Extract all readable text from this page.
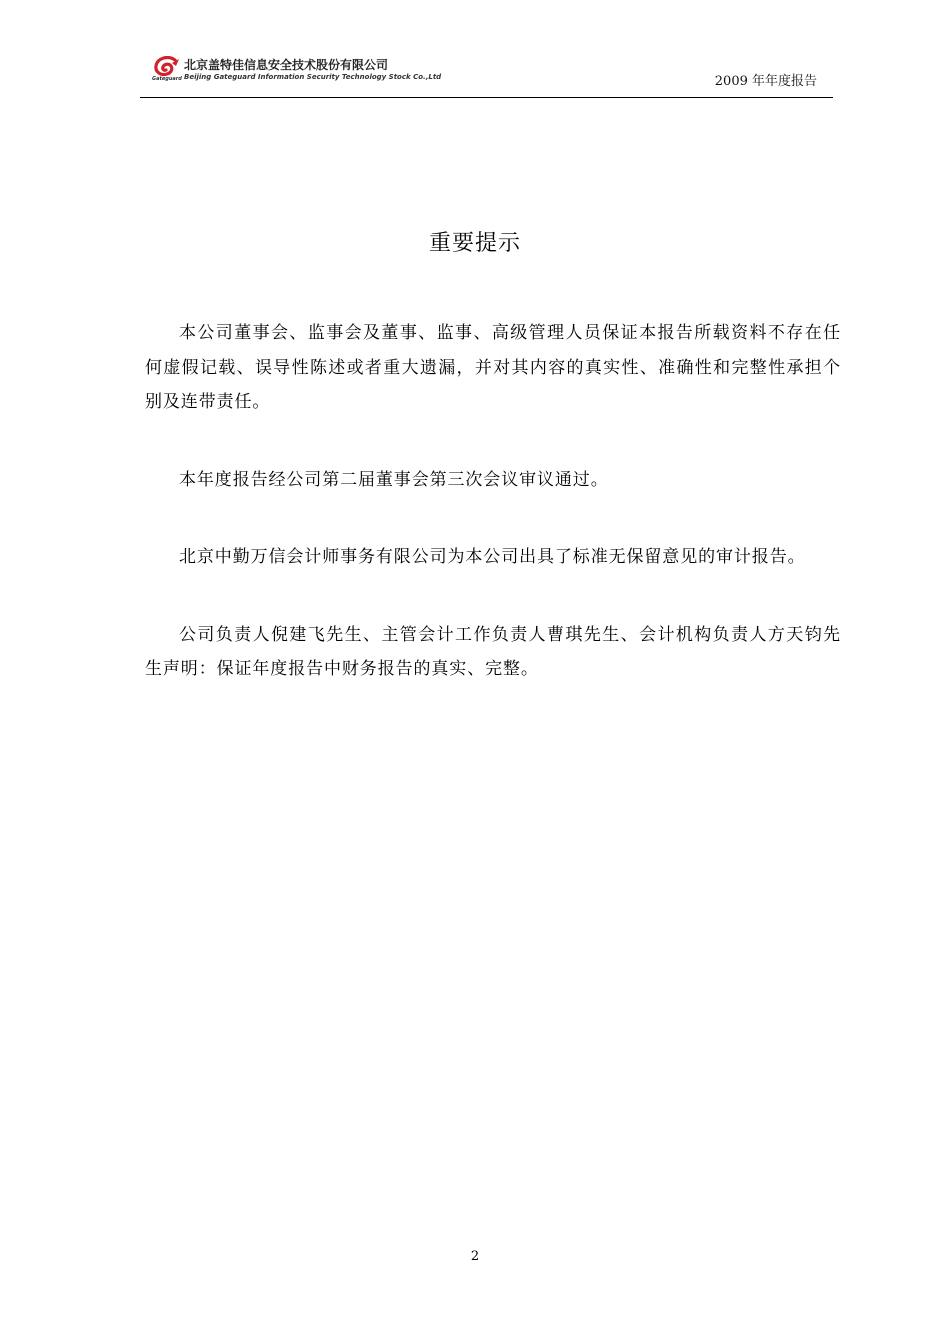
Gateguard
北京盖特佳信息安全技术股份有限公司
Beijing Gateguard Information Security Technology Stock Co.,Ltd	2009 年年度报告
重要提示

本公司董事会、监事会及董事、监事、高级管理人员保证本报告所载资料不存在任何虚假记载、误导性陈述或者重大遗漏，并对其内容的真实性、准确性和完整性承担个别及连带责任。

本年度报告经公司第二届董事会第三次会议审议通过。

北京中勤万信会计师事务有限公司为本公司出具了标准无保留意见的审计报告。

公司负责人倪建飞先生、主管会计工作负责人曹琪先生、会计机构负责人方天钧先生声明：保证年度报告中财务报告的真实、完整。

2
